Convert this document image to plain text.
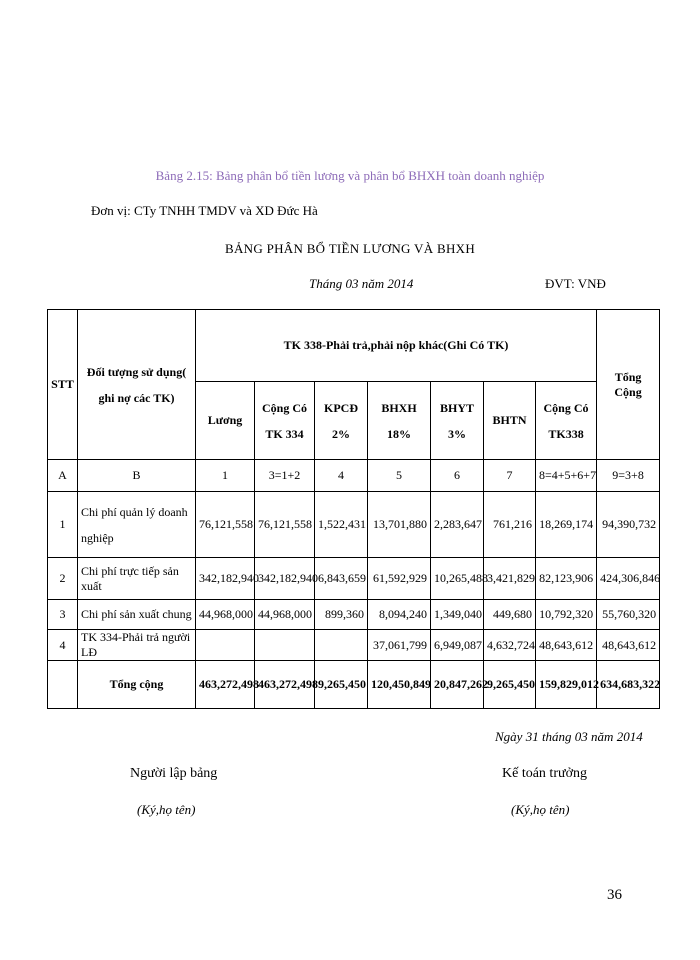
Bảng 2.15: Bảng phân bổ tiền lương và phân bổ BHXH toàn doanh nghiệp
Đơn vị: CTy TNHH TMDV và XD Đức Hà
BẢNG PHÂN BỔ TIỀN LƯƠNG VÀ BHXH
Tháng 03 năm 2014	ĐVT: VNĐ
STT	Đối tượng sử dụng( ghi nợ các TK)	TK 338-Phải trả,phải nộp khác(Ghi Có TK)							Tổng Cộng
		Lương	Cộng Có TK 334	KPCĐ 2%	BHXH 18%	BHYT 3%	BHTN	Cộng Có TK338	
A	B	1	3=1+2	4	5	6	7	8=4+5+6+7	9=3+8
1	Chi phí quản lý doanh nghiệp	76,121,558	76,121,558	1,522,431	13,701,880	2,283,647	761,216	18,269,174	94,390,732
2	Chi phí trực tiếp sản xuất	342,182,940	342,182,940	6,843,659	61,592,929	10,265,488	3,421,829	82,123,906	424,306,846
3	Chi phí sản xuất chung	44,968,000	44,968,000	899,360	8,094,240	1,349,040	449,680	10,792,320	55,760,320
4	TK 334-Phải trả người LĐ				37,061,799	6,949,087	4,632,724	48,643,612	48,643,612
	Tổng cộng	463,272,498	463,272,498	9,265,450	120,450,849	20,847,262	9,265,450	159,829,012	634,683,322
Ngày 31 tháng 03 năm 2014
Người lập bảng	Kế toán trưởng
(Ký,họ tên)	(Ký,họ tên)
36
